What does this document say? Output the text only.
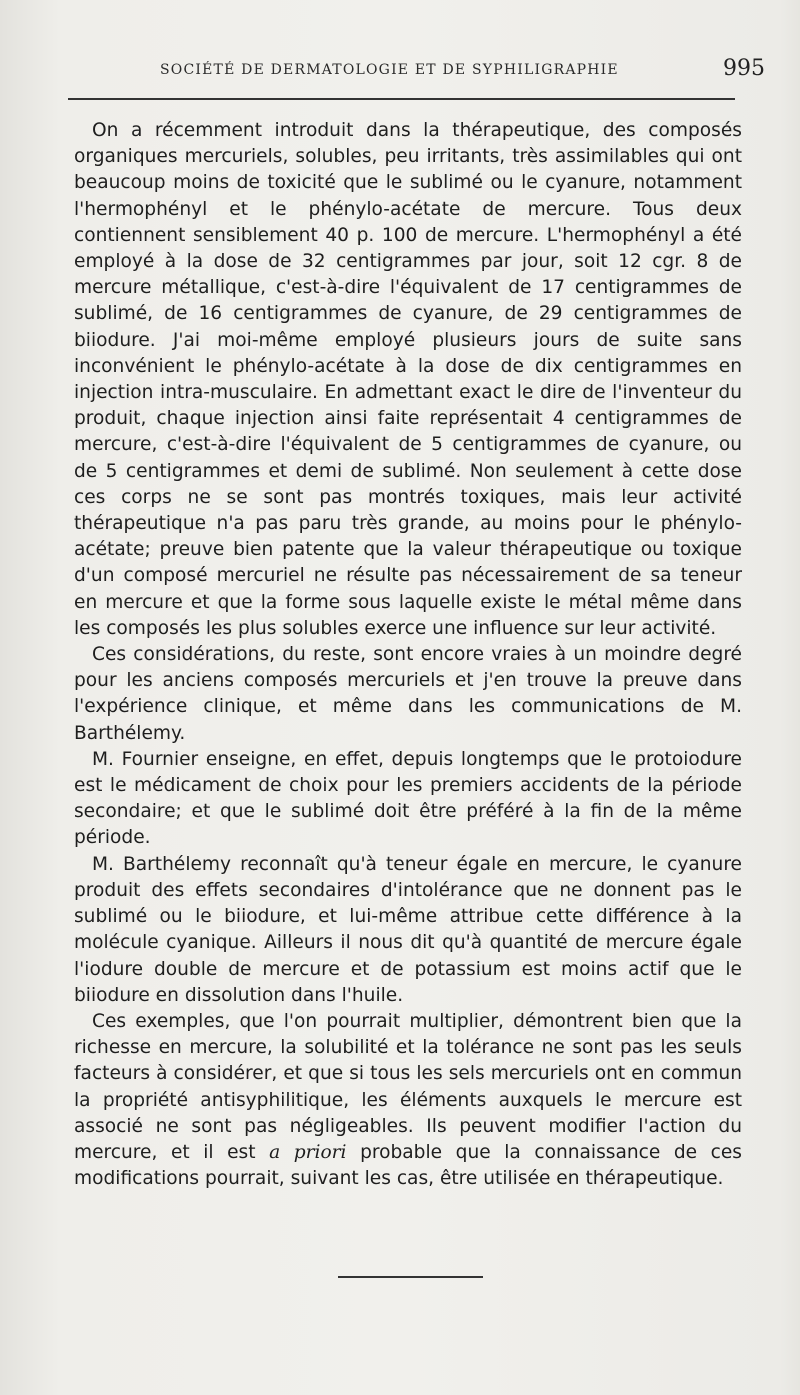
SOCIÉTÉ DE DERMATOLOGIE ET DE SYPHILIGRAPHIE	995

On a récemment introduit dans la thérapeutique, des composés organiques mercuriels, solubles, peu irritants, très assimilables qui ont beaucoup moins de toxicité que le sublimé ou le cyanure, notamment l'hermophényl et le phénylo-acétate de mercure. Tous deux contiennent sensiblement 40 p. 100 de mercure. L'hermophényl a été employé à la dose de 32 centigrammes par jour, soit 12 cgr. 8 de mercure métallique, c'est-à-dire l'équivalent de 17 centigrammes de sublimé, de 16 centigrammes de cyanure, de 29 centigrammes de biiodure. J'ai moi-même employé plusieurs jours de suite sans inconvénient le phénylo-acétate à la dose de dix centigrammes en injection intra-musculaire. En admettant exact le dire de l'inventeur du produit, chaque injection ainsi faite représentait 4 centigrammes de mercure, c'est-à-dire l'équivalent de 5 centigrammes de cyanure, ou de 5 centigrammes et demi de sublimé. Non seulement à cette dose ces corps ne se sont pas montrés toxiques, mais leur activité thérapeutique n'a pas paru très grande, au moins pour le phénylo-acétate; preuve bien patente que la valeur thérapeutique ou toxique d'un composé mercuriel ne résulte pas nécessairement de sa teneur en mercure et que la forme sous laquelle existe le métal même dans les composés les plus solubles exerce une influence sur leur activité.

Ces considérations, du reste, sont encore vraies à un moindre degré pour les anciens composés mercuriels et j'en trouve la preuve dans l'expérience clinique, et même dans les communications de M. Barthélemy.

M. Fournier enseigne, en effet, depuis longtemps que le protoiodure est le médicament de choix pour les premiers accidents de la période secondaire; et que le sublimé doit être préféré à la fin de la même période.

M. Barthélemy reconnaît qu'à teneur égale en mercure, le cyanure produit des effets secondaires d'intolérance que ne donnent pas le sublimé ou le biiodure, et lui-même attribue cette différence à la molécule cyanique. Ailleurs il nous dit qu'à quantité de mercure égale l'iodure double de mercure et de potassium est moins actif que le biiodure en dissolution dans l'huile.

Ces exemples, que l'on pourrait multiplier, démontrent bien que la richesse en mercure, la solubilité et la tolérance ne sont pas les seuls facteurs à considérer, et que si tous les sels mercuriels ont en commun la propriété antisyphilitique, les éléments auxquels le mercure est associé ne sont pas négligeables. Ils peuvent modifier l'action du mercure, et il est a priori probable que la connaissance de ces modifications pourrait, suivant les cas, être utilisée en thérapeutique.
